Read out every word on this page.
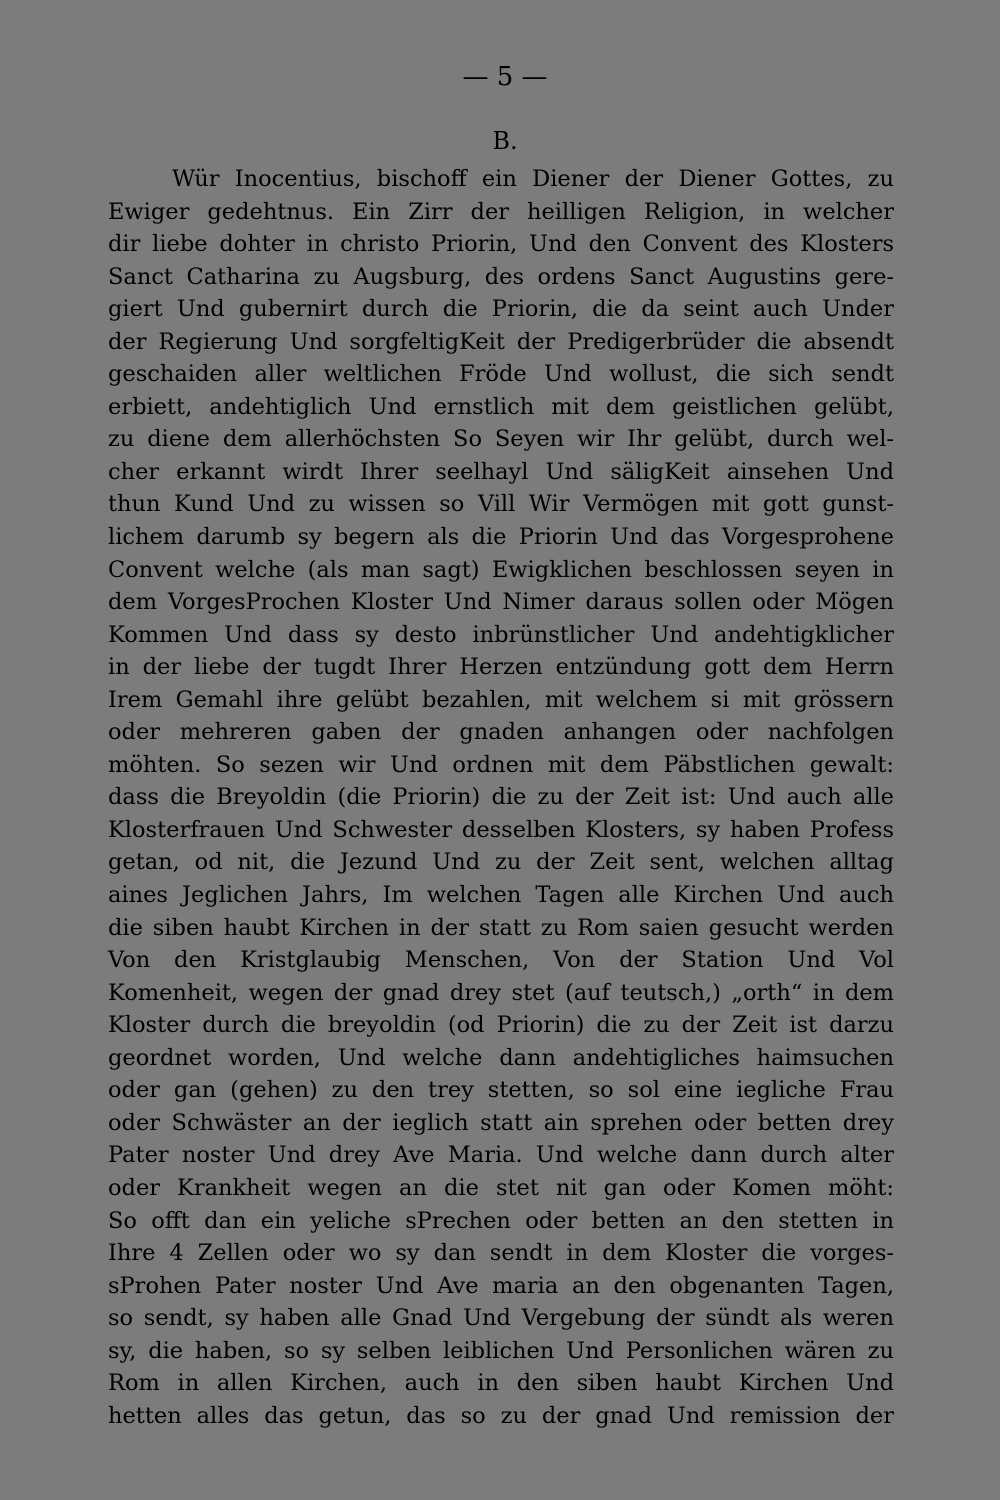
— 5 —
B.
Wür Inocentius, bischoff ein Diener der Diener Gottes, zu
Ewiger gedehtnus. Ein Zirr der heilligen Religion, in welcher
dir liebe dohter in christo Priorin, Und den Convent des Klosters
Sanct Catharina zu Augsburg, des ordens Sanct Augustins gere-
giert Und gubernirt durch die Priorin, die da seint auch Under
der Regierung Und sorgfeltigKeit der Predigerbrüder die absendt
geschaiden aller weltlichen Fröde Und wollust, die sich sendt
erbiett, andehtiglich Und ernstlich mit dem geistlichen gelübt,
zu diene dem allerhöchsten So Seyen wir Ihr gelübt, durch wel-
cher erkannt wirdt Ihrer seelhayl Und säligKeit ainsehen Und
thun Kund Und zu wissen so Vill Wir Vermögen mit gott gunst-
lichem darumb sy begern als die Priorin Und das Vorgesprohene
Convent welche (als man sagt) Ewigklichen beschlossen seyen in
dem VorgesProchen Kloster Und Nimer daraus sollen oder Mögen
Kommen Und dass sy desto inbrünstlicher Und andehtigklicher
in der liebe der tugdt Ihrer Herzen entzündung gott dem Herrn
Irem Gemahl ihre gelübt bezahlen, mit welchem si mit grössern
oder mehreren gaben der gnaden anhangen oder nachfolgen
möhten. So sezen wir Und ordnen mit dem Päbstlichen gewalt:
dass die Breyoldin (die Priorin) die zu der Zeit ist: Und auch alle
Klosterfrauen Und Schwester desselben Klosters, sy haben Profess
getan, od nit, die Jezund Und zu der Zeit sent, welchen alltag
aines Jeglichen Jahrs, Im welchen Tagen alle Kirchen Und auch
die siben haubt Kirchen in der statt zu Rom saien gesucht werden
Von den Kristglaubig Menschen, Von der Station Und Vol
Komenheit, wegen der gnad drey stet (auf teutsch,) „orth“ in dem
Kloster durch die breyoldin (od Priorin) die zu der Zeit ist darzu
geordnet worden, Und welche dann andehtigliches haimsuchen
oder gan (gehen) zu den trey stetten, so sol eine iegliche Frau
oder Schwäster an der ieglich statt ain sprehen oder betten drey
Pater noster Und drey Ave Maria. Und welche dann durch alter
oder Krankheit wegen an die stet nit gan oder Komen möht:
So offt dan ein yeliche sPrechen oder betten an den stetten in
Ihre 4 Zellen oder wo sy dan sendt in dem Kloster die vorges-
sProhen Pater noster Und Ave maria an den obgenanten Tagen,
so sendt, sy haben alle Gnad Und Vergebung der sündt als weren
sy, die haben, so sy selben leiblichen Und Personlichen wären zu
Rom in allen Kirchen, auch in den siben haubt Kirchen Und
hetten alles das getun, das so zu der gnad Und remission der
